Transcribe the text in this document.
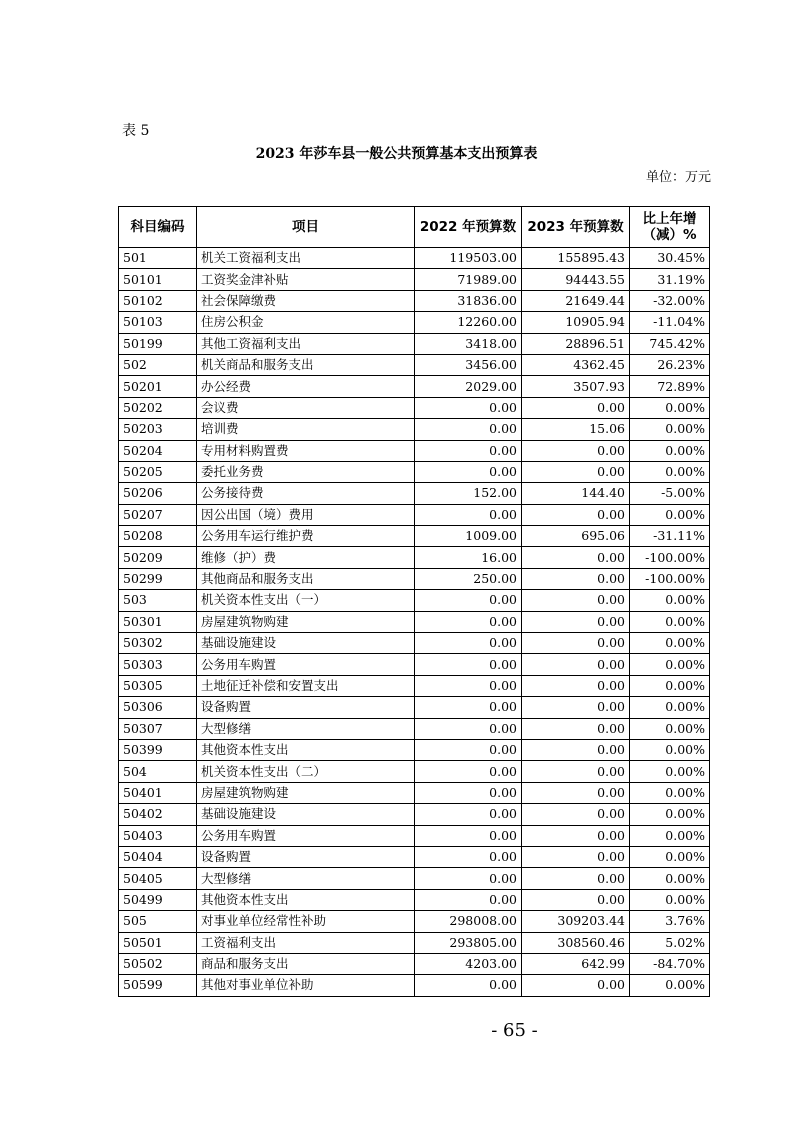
表 5
2023 年莎车县一般公共预算基本支出预算表
单位：万元
科目编码	项目	2022 年预算数	2023 年预算数	比上年增
（减）%
501	机关工资福利支出	119503.00	155895.43	30.45%
50101	工资奖金津补贴	71989.00	94443.55	31.19%
50102	社会保障缴费	31836.00	21649.44	-32.00%
50103	住房公积金	12260.00	10905.94	-11.04%
50199	其他工资福利支出	3418.00	28896.51	745.42%
502	机关商品和服务支出	3456.00	4362.45	26.23%
50201	办公经费	2029.00	3507.93	72.89%
50202	会议费	0.00	0.00	0.00%
50203	培训费	0.00	15.06	0.00%
50204	专用材料购置费	0.00	0.00	0.00%
50205	委托业务费	0.00	0.00	0.00%
50206	公务接待费	152.00	144.40	-5.00%
50207	因公出国（境）费用	0.00	0.00	0.00%
50208	公务用车运行维护费	1009.00	695.06	-31.11%
50209	维修（护）费	16.00	0.00	-100.00%
50299	其他商品和服务支出	250.00	0.00	-100.00%
503	机关资本性支出（一）	0.00	0.00	0.00%
50301	房屋建筑物购建	0.00	0.00	0.00%
50302	基础设施建设	0.00	0.00	0.00%
50303	公务用车购置	0.00	0.00	0.00%
50305	土地征迁补偿和安置支出	0.00	0.00	0.00%
50306	设备购置	0.00	0.00	0.00%
50307	大型修缮	0.00	0.00	0.00%
50399	其他资本性支出	0.00	0.00	0.00%
504	机关资本性支出（二）	0.00	0.00	0.00%
50401	房屋建筑物购建	0.00	0.00	0.00%
50402	基础设施建设	0.00	0.00	0.00%
50403	公务用车购置	0.00	0.00	0.00%
50404	设备购置	0.00	0.00	0.00%
50405	大型修缮	0.00	0.00	0.00%
50499	其他资本性支出	0.00	0.00	0.00%
505	对事业单位经常性补助	298008.00	309203.44	3.76%
50501	工资福利支出	293805.00	308560.46	5.02%
50502	商品和服务支出	4203.00	642.99	-84.70%
50599	其他对事业单位补助	0.00	0.00	0.00%
- 65 -
